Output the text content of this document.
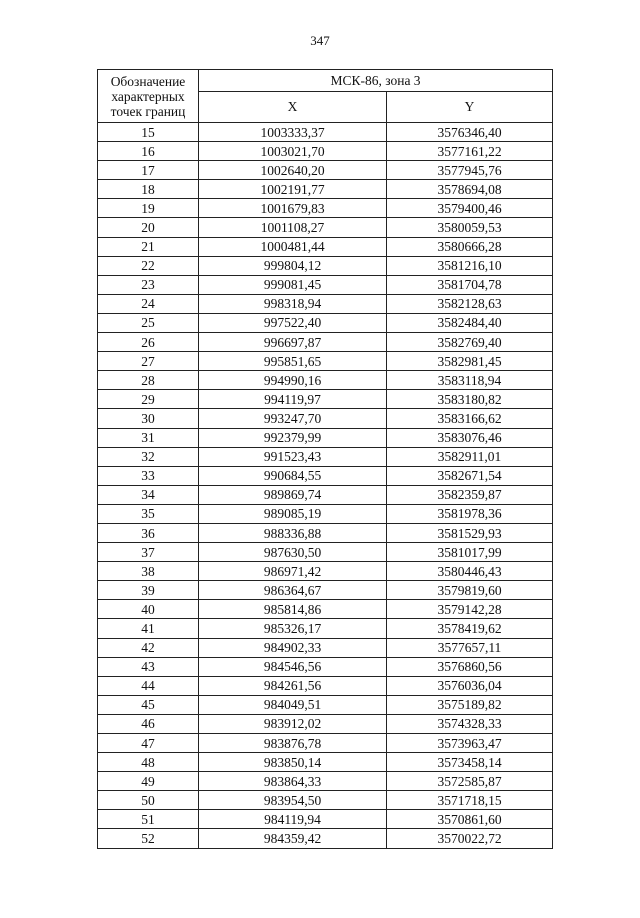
347
Обозначение характерных точек границ	МСК-86, зона 3	
	X	Y
15	1003333,37	3576346,40
16	1003021,70	3577161,22
17	1002640,20	3577945,76
18	1002191,77	3578694,08
19	1001679,83	3579400,46
20	1001108,27	3580059,53
21	1000481,44	3580666,28
22	999804,12	3581216,10
23	999081,45	3581704,78
24	998318,94	3582128,63
25	997522,40	3582484,40
26	996697,87	3582769,40
27	995851,65	3582981,45
28	994990,16	3583118,94
29	994119,97	3583180,82
30	993247,70	3583166,62
31	992379,99	3583076,46
32	991523,43	3582911,01
33	990684,55	3582671,54
34	989869,74	3582359,87
35	989085,19	3581978,36
36	988336,88	3581529,93
37	987630,50	3581017,99
38	986971,42	3580446,43
39	986364,67	3579819,60
40	985814,86	3579142,28
41	985326,17	3578419,62
42	984902,33	3577657,11
43	984546,56	3576860,56
44	984261,56	3576036,04
45	984049,51	3575189,82
46	983912,02	3574328,33
47	983876,78	3573963,47
48	983850,14	3573458,14
49	983864,33	3572585,87
50	983954,50	3571718,15
51	984119,94	3570861,60
52	984359,42	3570022,72
